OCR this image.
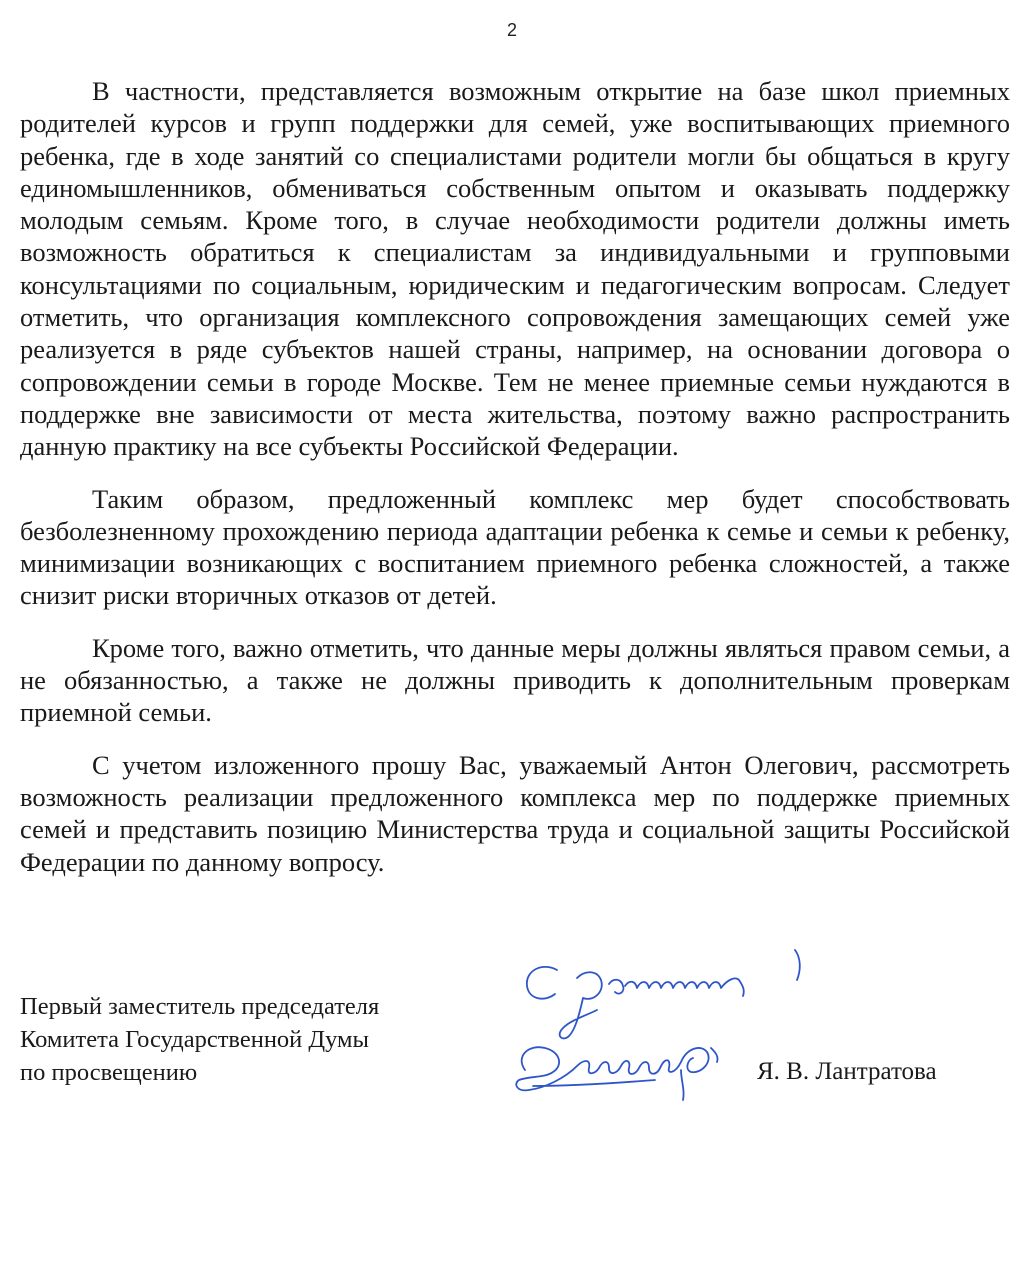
2

В частности, представляется возможным открытие на базе школ приемных родителей курсов и групп поддержки для семей, уже воспитывающих приемного ребенка, где в ходе занятий со специалистами родители могли бы общаться в кругу единомышленников, обмениваться собственным опытом и оказывать поддержку молодым семьям. Кроме того, в случае необходимости родители должны иметь возможность обратиться к специалистам за индивидуальными и групповыми консультациями по социальным, юридическим и педагогическим вопросам. Следует отметить, что организация комплексного сопровождения замещающих семей уже реализуется в ряде субъектов нашей страны, например, на основании договора о сопровождении семьи в городе Москве. Тем не менее приемные семьи нуждаются в поддержке вне зависимости от места жительства, поэтому важно распространить данную практику на все субъекты Российской Федерации.

Таким образом, предложенный комплекс мер будет способствовать безболезненному прохождению периода адаптации ребенка к семье и семьи к ребенку, минимизации возникающих с воспитанием приемного ребенка сложностей, а также снизит риски вторичных отказов от детей.

Кроме того, важно отметить, что данные меры должны являться правом семьи, а не обязанностью, а также не должны приводить к дополнительным проверкам приемной семьи.

С учетом изложенного прошу Вас, уважаемый Антон Олегович, рассмотреть возможность реализации предложенного комплекса мер по поддержке приемных семей и представить позицию Министерства труда и социальной защиты Российской Федерации по данному вопросу.

Первый заместитель председателя
Комитета Государственной Думы
по просвещению	Я. В. Лантратова
